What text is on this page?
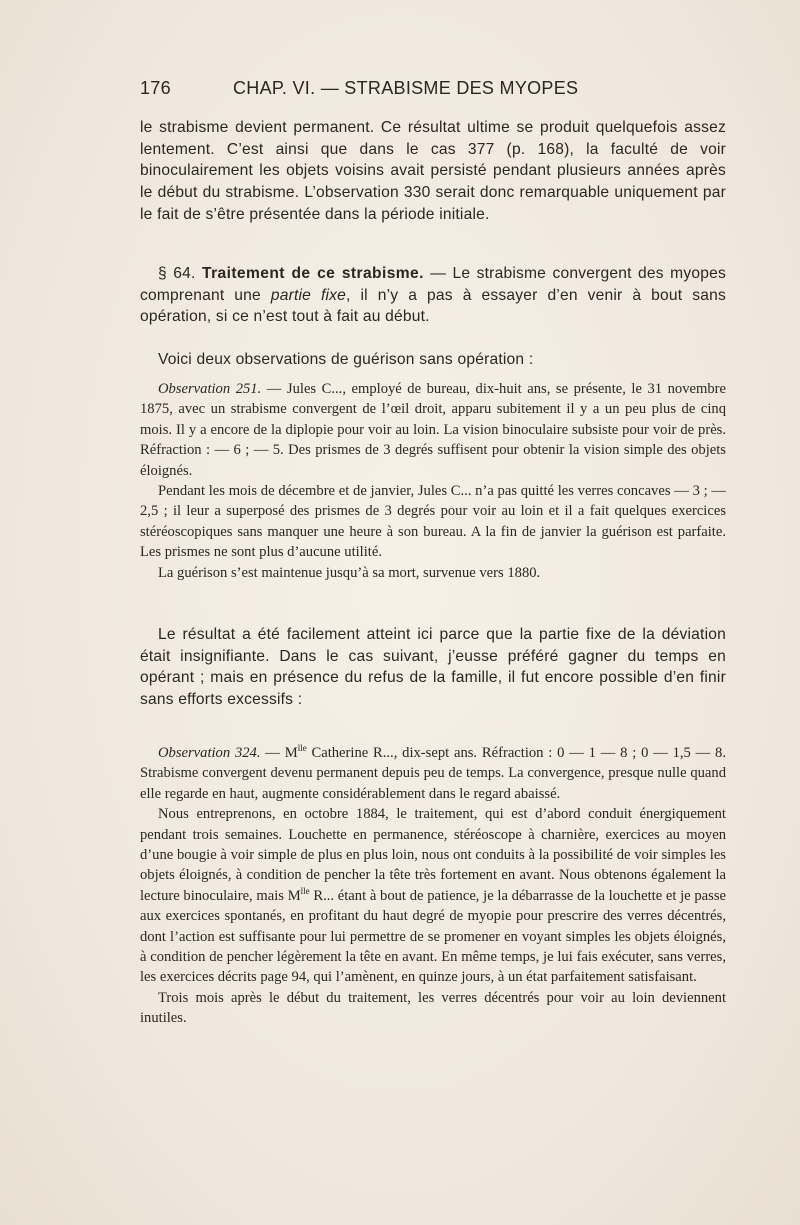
176	CHAP. VI. — STRABISME DES MYOPES

le strabisme devient permanent. Ce résultat ultime se produit quelquefois assez lentement. C’est ainsi que dans le cas 377 (p. 168), la faculté de voir binoculairement les objets voisins avait persisté pendant plusieurs années après le début du strabisme. L’observation 330 serait donc remarquable uniquement par le fait de s’être présentée dans la période initiale.

§ 64. Traitement de ce strabisme. — Le strabisme convergent des myopes comprenant une partie fixe, il n’y a pas à essayer d’en venir à bout sans opération, si ce n’est tout à fait au début.

Voici deux observations de guérison sans opération :

Observation 251. — Jules C..., employé de bureau, dix-huit ans, se présente, le 31 novembre 1875, avec un strabisme convergent de l’œil droit, apparu subitement il y a un peu plus de cinq mois. Il y a encore de la diplopie pour voir au loin. La vision binoculaire subsiste pour voir de près. Réfraction : — 6 ; — 5. Des prismes de 3 degrés suffisent pour obtenir la vision simple des objets éloignés.

Pendant les mois de décembre et de janvier, Jules C... n’a pas quitté les verres concaves — 3 ; — 2,5 ; il leur a superposé des prismes de 3 degrés pour voir au loin et il a fait quelques exercices stéréoscopiques sans manquer une heure à son bureau. A la fin de janvier la guérison est parfaite. Les prismes ne sont plus d’aucune utilité.

La guérison s’est maintenue jusqu’à sa mort, survenue vers 1880.

Le résultat a été facilement atteint ici parce que la partie fixe de la déviation était insignifiante. Dans le cas suivant, j’eusse préféré gagner du temps en opérant ; mais en présence du refus de la famille, il fut encore possible d’en finir sans efforts excessifs :

Observation 324. — $M^{lle}$ Catherine R..., dix-sept ans. Réfraction : 0 — 1 — 8 ; 0 — 1,5 — 8. Strabisme convergent devenu permanent depuis peu de temps. La convergence, presque nulle quand elle regarde en haut, augmente considérablement dans le regard abaissé.

Nous entreprenons, en octobre 1884, le traitement, qui est d’abord conduit énergiquement pendant trois semaines. Louchette en permanence, stéréoscope à charnière, exercices au moyen d’une bougie à voir simple de plus en plus loin, nous ont conduits à la possibilité de voir simples les objets éloignés, à condition de pencher la tête très fortement en avant. Nous obtenons également la lecture binoculaire, mais $M^{lle}$ R... étant à bout de patience, je la débarrasse de la louchette et je passe aux exercices spontanés, en profitant du haut degré de myopie pour prescrire des verres décentrés, dont l’action est suffisante pour lui permettre de se promener en voyant simples les objets éloignés, à condition de pencher légèrement la tête en avant. En même temps, je lui fais exécuter, sans verres, les exercices décrits page 94, qui l’amènent, en quinze jours, à un état parfaitement satisfaisant.

Trois mois après le début du traitement, les verres décentrés pour voir au loin deviennent inutiles.
